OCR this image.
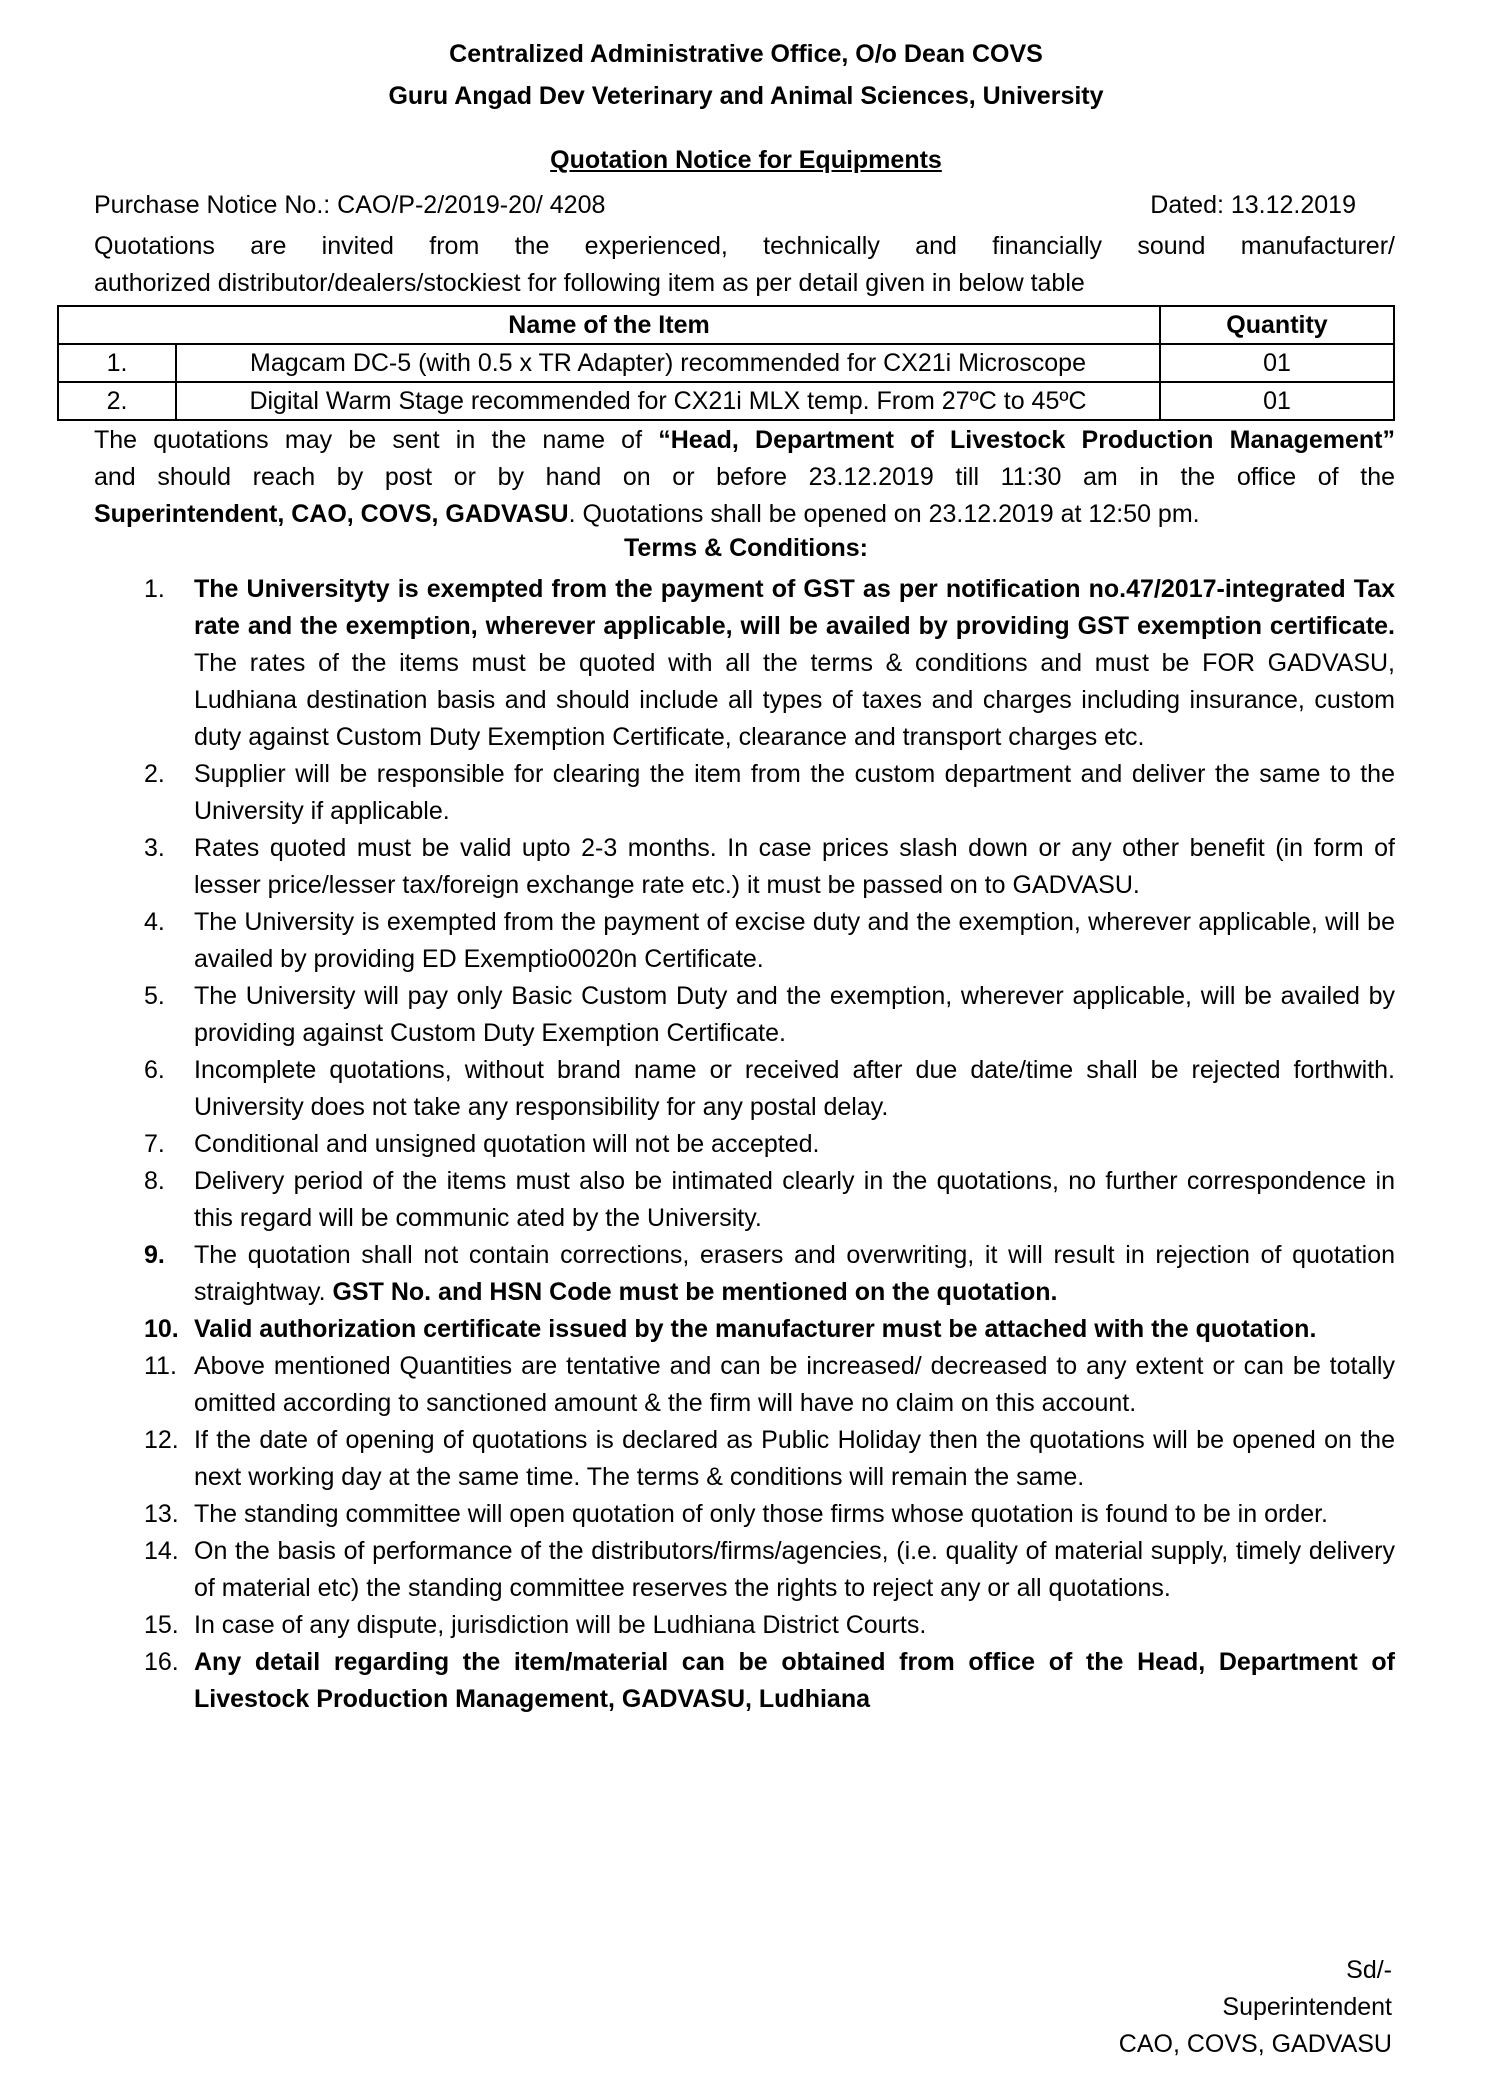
Centralized Administrative Office, O/o Dean COVS
Guru Angad Dev Veterinary and Animal Sciences, University
Quotation Notice for Equipments
Purchase Notice No.: CAO/P-2/2019-20/ 4208	Dated: 13.12.2019
Quotations are invited from the experienced, technically and financially sound manufacturer/
authorized distributor/dealers/stockiest for following item as per detail given in below table
Name of the Item		Quantity
1.	Magcam DC-5 (with 0.5 x TR Adapter) recommended for CX21i Microscope	01
2.	Digital Warm Stage recommended for CX21i MLX temp. From 27ºC to 45ºC	01
The quotations may be sent in the name of “Head, Department of Livestock Production Management”
and should reach by post or by hand on or before 23.12.2019 till 11:30 am in the office of the
Superintendent, CAO, COVS, GADVASU. Quotations shall be opened on 23.12.2019 at 12:50 pm.
Terms & Conditions:
1.	The Universityty is exempted from the payment of GST as per notification no.47/2017-integrated Tax rate and the exemption, wherever applicable, will be availed by providing GST exemption certificate. The rates of the items must be quoted with all the terms & conditions and must be FOR GADVASU, Ludhiana destination basis and should include all types of taxes and charges including insurance, custom duty against Custom Duty Exemption Certificate, clearance and transport charges etc.
2.	Supplier will be responsible for clearing the item from the custom department and deliver the same to the University if applicable.
3.	Rates quoted must be valid upto 2-3 months. In case prices slash down or any other benefit (in form of lesser price/lesser tax/foreign exchange rate etc.) it must be passed on to GADVASU.
4.	The University is exempted from the payment of excise duty and the exemption, wherever applicable, will be availed by providing ED Exemptio0020n Certificate.
5.	The University will pay only Basic Custom Duty and the exemption, wherever applicable, will be availed by providing against Custom Duty Exemption Certificate.
6.	Incomplete quotations, without brand name or received after due date/time shall be rejected forthwith. University does not take any responsibility for any postal delay.
7.	Conditional and unsigned quotation will not be accepted.
8.	Delivery period of the items must also be intimated clearly in the quotations, no further correspondence in this regard will be communic ated by the University.
9.	The quotation shall not contain corrections, erasers and overwriting, it will result in rejection of quotation straightway. GST No. and HSN Code must be mentioned on the quotation.
10. Valid authorization certificate issued by the manufacturer must be attached with the quotation.
11. Above mentioned Quantities are tentative and can be increased/ decreased to any extent or can be totally omitted according to sanctioned amount & the firm will have no claim on this account.
12. If the date of opening of quotations is declared as Public Holiday then the quotations will be opened on the next working day at the same time. The terms & conditions will remain the same.
13. The standing committee will open quotation of only those firms whose quotation is found to be in order.
14. On the basis of performance of the distributors/firms/agencies, (i.e. quality of material supply, timely delivery of material etc) the standing committee reserves the rights to reject any or all quotations.
15. In case of any dispute, jurisdiction will be Ludhiana District Courts.
16. Any detail regarding the item/material can be obtained from office of the Head, Department of Livestock Production Management, GADVASU, Ludhiana
Sd/-
Superintendent
CAO, COVS, GADVASU
